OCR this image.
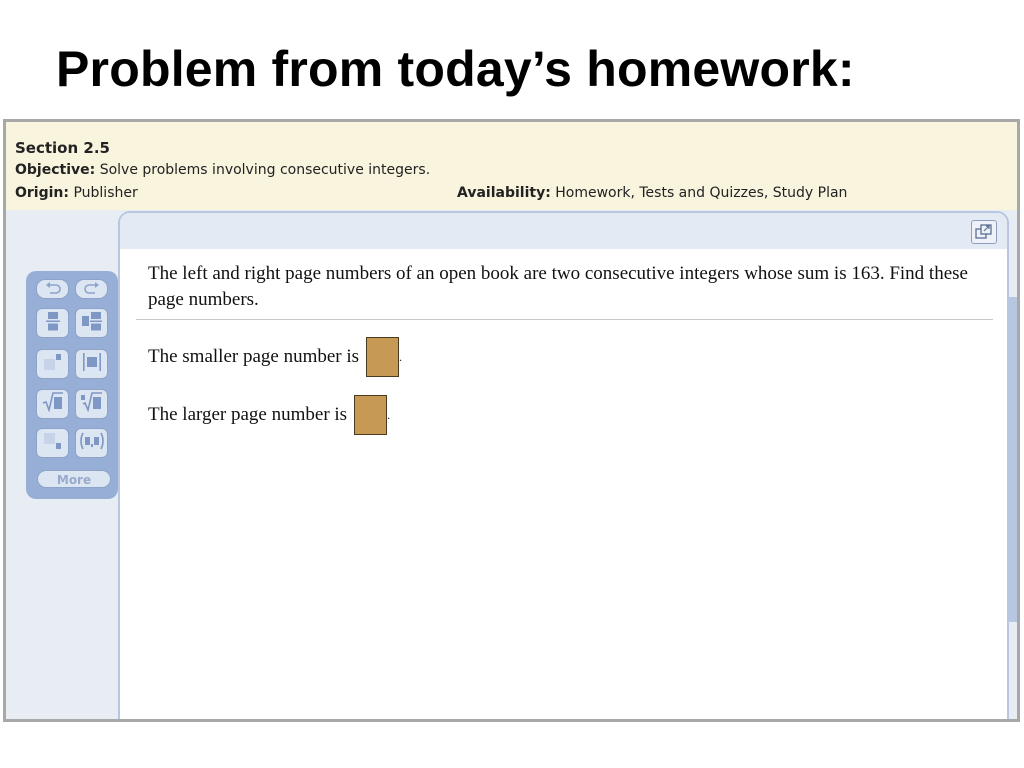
Problem from today’s homework:
Section 2.5
Objective: Solve problems involving consecutive integers.
Origin: Publisher	Availability: Homework, Tests and Quizzes, Study Plan
More
The left and right page numbers of an open book are two consecutive integers whose sum is 163. Find these page numbers.
The smaller page number is	.
The larger page number is	.
